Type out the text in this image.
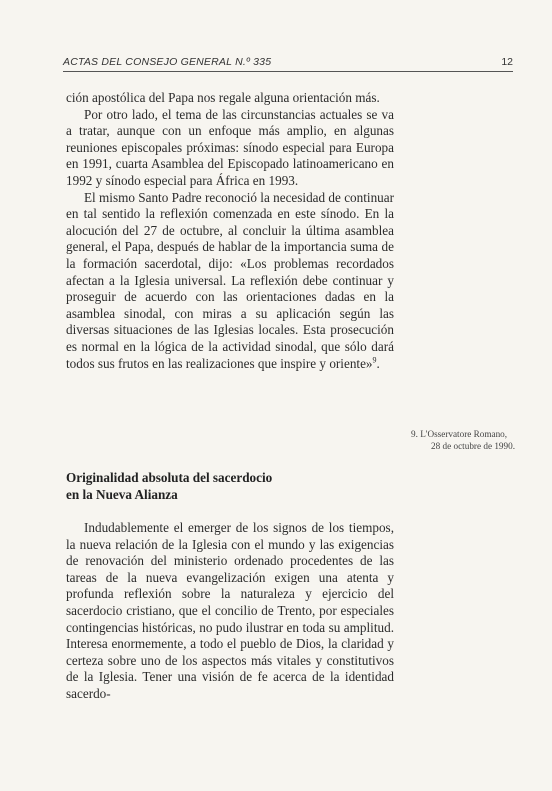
ACTAS DEL CONSEJO GENERAL N.º 335	12

ción apostólica del Papa nos regale alguna orientación más.

Por otro lado, el tema de las circunstancias actuales se va a tratar, aunque con un enfoque más amplio, en algunas reuniones episcopales próximas: sínodo especial para Europa en 1991, cuarta Asamblea del Episcopado latinoamericano en 1992 y sínodo especial para África en 1993.

El mismo Santo Padre reconoció la necesidad de continuar en tal sentido la reflexión comenzada en este sínodo. En la alocución del 27 de octubre, al concluir la última asamblea general, el Papa, después de hablar de la importancia suma de la formación sacerdotal, dijo: «Los problemas recordados afectan a la Iglesia universal. La reflexión debe continuar y proseguir de acuerdo con las orientaciones dadas en la asamblea sinodal, con miras a su aplicación según las diversas situaciones de las Iglesias locales. Esta prosecución es normal en la lógica de la actividad sinodal, que sólo dará todos sus frutos en las realizaciones que inspire y oriente»$^9$.

9. L'Osservatore Romano,
28 de octubre de 1990.
Originalidad absoluta del sacerdocio
en la Nueva Alianza

Indudablemente el emerger de los signos de los tiempos, la nueva relación de la Iglesia con el mundo y las exigencias de renovación del ministerio ordenado procedentes de las tareas de la nueva evangelización exigen una atenta y profunda reflexión sobre la naturaleza y ejercicio del sacerdocio cristiano, que el concilio de Trento, por especiales contingencias históricas, no pudo ilustrar en toda su amplitud. Interesa enormemente, a todo el pueblo de Dios, la claridad y certeza sobre uno de los aspectos más vitales y constitutivos de la Iglesia. Tener una visión de fe acerca de la identidad sacerdo-
